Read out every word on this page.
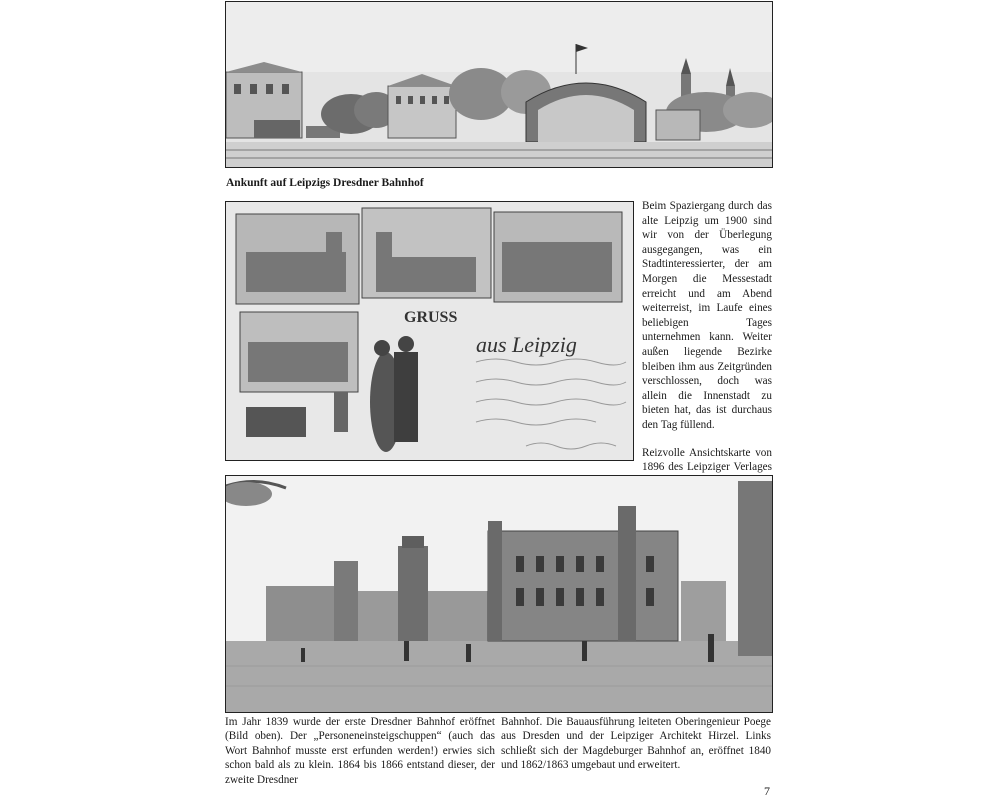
Ankunft auf Leipzigs Dresdner Bahnhof
GRUSS
aus Leipzig

Beim Spaziergang durch das alte Leipzig um 1900 sind wir von der Überlegung ausgegangen, was ein Stadtinteressierter, der am Morgen die Messestadt erreicht und am Abend weiterreist, im Laufe eines beliebigen Tages unternehmen kann. Weiter außen liegende Bezirke bleiben ihm aus Zeitgründen verschlossen, doch was allein die Innenstadt zu bieten hat, das ist durchaus den Tag füllend.

Reizvolle Ansichtskarte von 1896 des Leipziger Verlages

Im Jahr 1839 wurde der erste Dresdner Bahnhof eröffnet (Bild oben). Der „Personeneinsteigschuppen“ (auch das Wort Bahnhof musste erst erfunden werden!) erwies sich schon bald als zu klein. 1864 bis 1866 entstand dieser, der zweite Dresdner
Bahnhof. Die Bauausführung leiteten Oberingenieur Poege aus Dresden und der Leipziger Architekt Hirzel. Links schließt sich der Magdeburger Bahnhof an, eröffnet 1840 und 1862/1863 umgebaut und erweitert.
7
